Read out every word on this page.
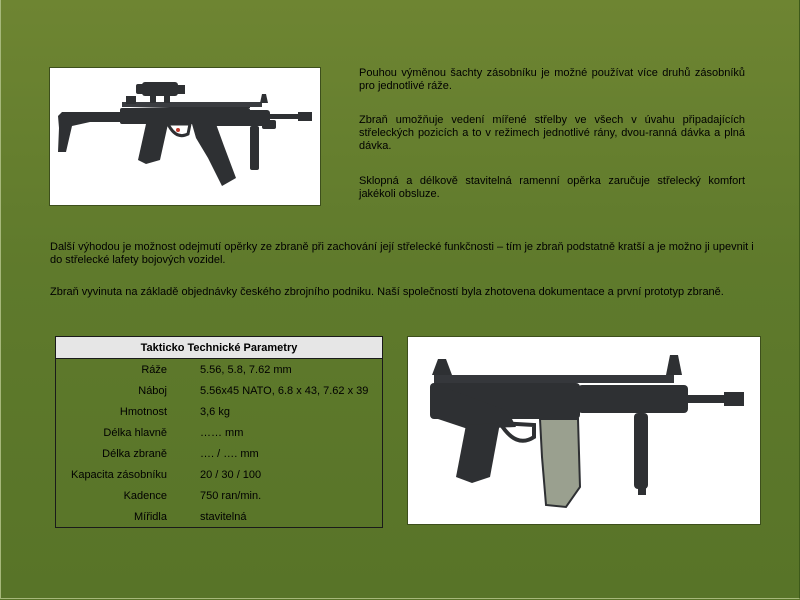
Pouhou výměnou šachty zásobníku je možné používat více druhů zásobníků pro jednotlivé ráže.

Zbraň umožňuje vedení mířené střelby ve všech v úvahu připadajících střeleckých pozicích a to v režimech jednotlivé rány, dvou-ranná dávka a plná dávka.

Sklopná a délkově stavitelná ramenní opěrka zaručuje střelecký komfort jakékoli obsluze.

Další výhodou je možnost odejmutí opěrky ze zbraně při zachování její střelecké funkčnosti – tím je zbraň podstatně kratší a je možno ji upevnit i do střelecké lafety bojových vozidel.

Zbraň vyvinuta na základě objednávky českého zbrojního podniku. Naší společností byla zhotovena dokumentace a první prototyp zbraně.

Takticko Technické Parametry	
Ráže	5.56, 5.8, 7.62 mm
Náboj	5.56x45 NATO, 6.8 x 43, 7.62 x 39
Hmotnost	3,6 kg
Délka hlavně	…… mm
Délka zbraně	…. / …. mm
Kapacita zásobníku	20 / 30 / 100
Kadence	750 ran/min.
Mířidla	stavitelná
